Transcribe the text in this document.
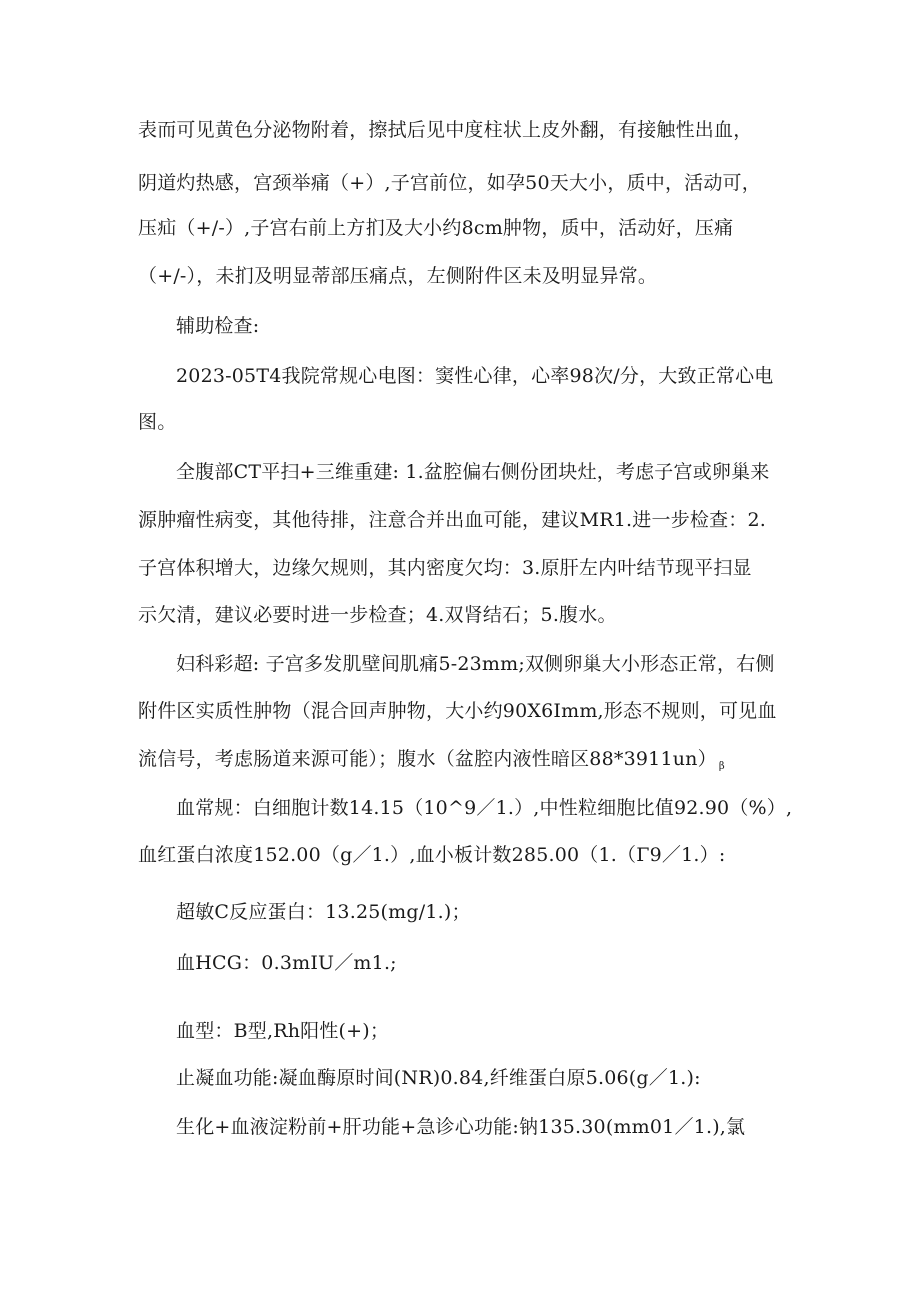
表而可见黄色分泌物附着，擦拭后见中度柱状上皮外翻，有接触性出血，
阴道灼热感，宫颈举痛（+）,子宫前位，如孕50天大小，质中，活动可，
压疝（+/-）,子宫右前上方扪及大小约8cm肿物，质中，活动好，压痛
（+/-），未扪及明显蒂部压痛点，左侧附件区未及明显异常。
辅助检查:
2023-05T4我院常规心电图：窦性心律，心率98次/分，大致正常心电
图。
全腹部CT平扫+三维重建: 1.盆腔偏右侧份团块灶，考虑子宫或卵巢来
源肿瘤性病变，其他待排，注意合并出血可能，建议MR1.进一步检查：2.
子宫体积增大，边缘欠规则，其内密度欠均：3.原肝左内叶结节现平扫显
示欠清，建议必要时进一步检查；4.双肾结石；5.腹水。
妇科彩超: 子宫多发肌壁间肌痛5-23mm;双侧卵巢大小形态正常，右侧
附件区实质性肿物（混合回声肿物，大小约90X6Imm,形态不规则，可见血
流信号，考虑肠道来源可能）；腹水（盆腔内液性暗区88*3911un） $_\beta$
血常规：白细胞计数14.15（10^9／1.）,中性粒细胞比值92.90（%）,
血红蛋白浓度152.00（g／1.）,血小板计数285.00（1.（Γ9／1.）:
超敏C反应蛋白：13.25(mg/1.)；
血HCG：0.3mIU／m1.;
血型：B型,Rh阳性(+)；
止凝血功能:凝血酶原时间(NR)0.84,纤维蛋白原5.06(g／1.):
生化+血液淀粉前+肝功能+急诊心功能:钠135.30(mm01／1.),氯
